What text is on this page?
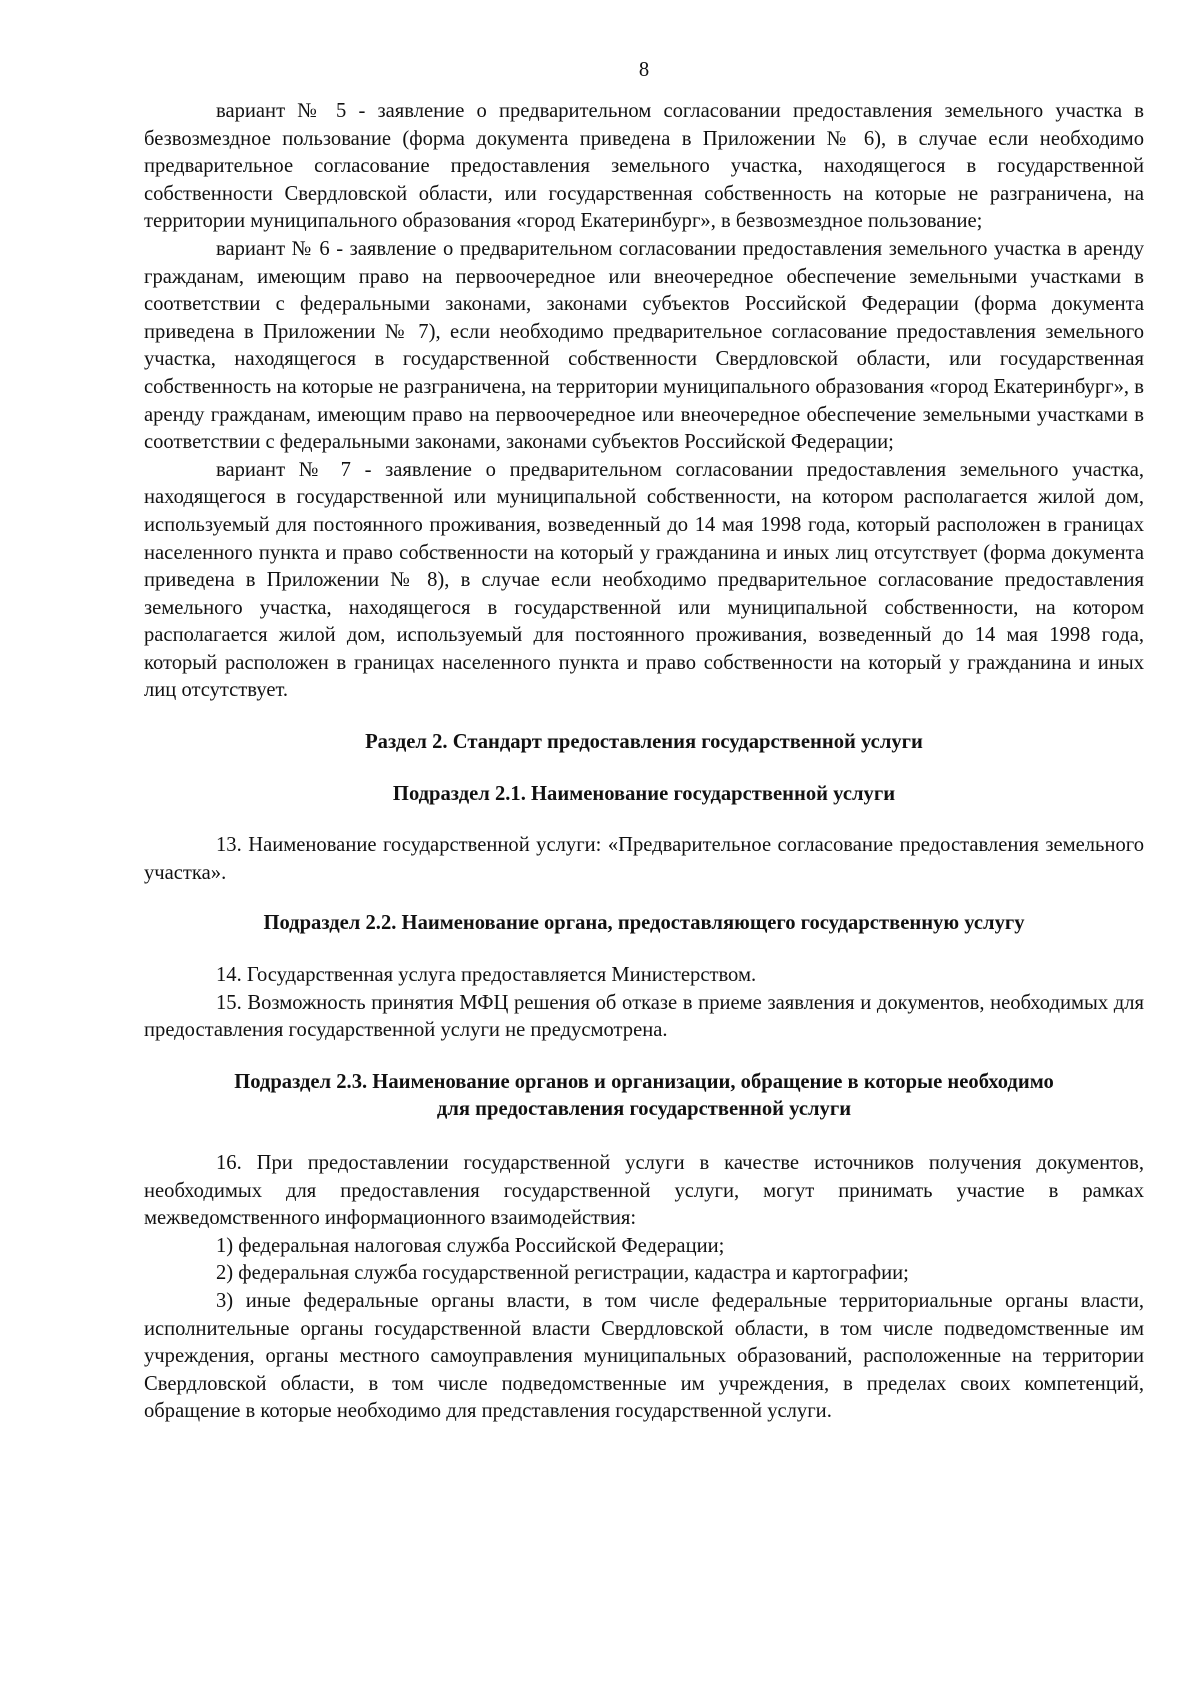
8

вариант № 5 - заявление о предварительном согласовании предоставления земельного участка в безвозмездное пользование (форма документа приведена в Приложении № 6), в случае если необходимо предварительное согласование предоставления земельного участка, находящегося в государственной собственности Свердловской области, или государственная собственность на которые не разграничена, на территории муниципального образования «город Екатеринбург», в безвозмездное пользование;

вариант № 6 - заявление о предварительном согласовании предоставления земельного участка в аренду гражданам, имеющим право на первоочередное или внеочередное обеспечение земельными участками в соответствии с федеральными законами, законами субъектов Российской Федерации (форма документа приведена в Приложении № 7), если необходимо предварительное согласование предоставления земельного участка, находящегося в государственной собственности Свердловской области, или государственная собственность на которые не разграничена, на территории муниципального образования «город Екатеринбург», в аренду гражданам, имеющим право на первоочередное или внеочередное обеспечение земельными участками в соответствии с федеральными законами, законами субъектов Российской Федерации;

вариант № 7 - заявление о предварительном согласовании предоставления земельного участка, находящегося в государственной или муниципальной собственности, на котором располагается жилой дом, используемый для постоянного проживания, возведенный до 14 мая 1998 года, который расположен в границах населенного пункта и право собственности на который у гражданина и иных лиц отсутствует (форма документа приведена в Приложении № 8), в случае если необходимо предварительное согласование предоставления земельного участка, находящегося в государственной или муниципальной собственности, на котором располагается жилой дом, используемый для постоянного проживания, возведенный до 14 мая 1998 года, который расположен в границах населенного пункта и право собственности на который у гражданина и иных лиц отсутствует.

Раздел 2. Стандарт предоставления государственной услуги
Подраздел 2.1. Наименование государственной услуги

13. Наименование государственной услуги: «Предварительное согласование предоставления земельного участка».

Подраздел 2.2. Наименование органа, предоставляющего государственную услугу

14. Государственная услуга предоставляется Министерством.

15. Возможность принятия МФЦ решения об отказе в приеме заявления и документов, необходимых для предоставления государственной услуги не предусмотрена.

Подраздел 2.3. Наименование органов и организации, обращение в которые необходимо
для предоставления государственной услуги

16. При предоставлении государственной услуги в качестве источников получения документов, необходимых для предоставления государственной услуги, могут принимать участие в рамках межведомственного информационного взаимодействия:

1) федеральная налоговая служба Российской Федерации;

2) федеральная служба государственной регистрации, кадастра и картографии;

3) иные федеральные органы власти, в том числе федеральные территориальные органы власти, исполнительные органы государственной власти Свердловской области, в том числе подведомственные им учреждения, органы местного самоуправления муниципальных образований, расположенные на территории Свердловской области, в том числе подведомственные им учреждения, в пределах своих компетенций, обращение в которые необходимо для представления государственной услуги.
